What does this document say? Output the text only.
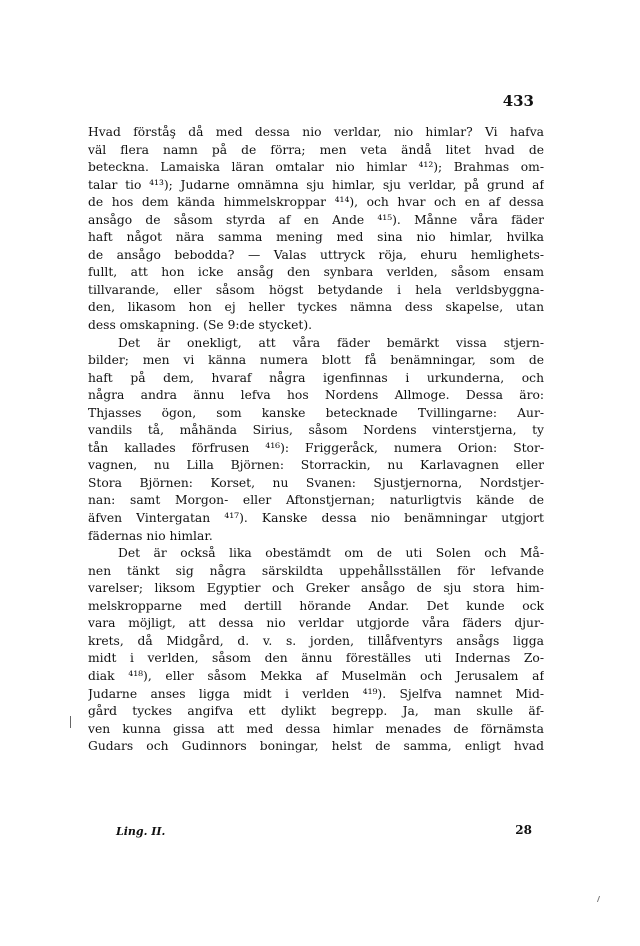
433
Hvad förståş då med dessa nio verldar, nio himlar? Vi hafva
väl flera namn på de förra; men veta ändå litet hvad de
beteckna. Lamaiska läran omtalar nio himlar ⁴¹²); Brahmas om-
talar tio ⁴¹³); Judarne omnämna sju himlar, sju verldar, på grund af
de hos dem kända himmelskroppar ⁴¹⁴), och hvar och en af dessa
ansågo de såsom styrda af en Ande ⁴¹⁵). Månne våra fäder
haft något nära samma mening med sina nio himlar, hvilka
de ansågo bebodda? — Valas uttryck röja, ehuru hemlighets-
fullt, att hon icke ansåg den synbara verlden, såsom ensam
tillvarande, eller såsom högst betydande i hela verldsbyggna-
den, likasom hon ej heller tyckes nämna dess skapelse, utan
dess omskapning. (Se 9:de stycket).
Det är onekligt, att våra fäder bemärkt vissa stjern-
bilder; men vi känna numera blott få benämningar, som de
haft på dem, hvaraf några igenfinnas i urkunderna, och
några andra ännu lefva hos Nordens Allmoge. Dessa äro:
Thjasses ögon, som kanske betecknade Tvillingarne: Aur-
vandils tå, måhända Sirius, såsom Nordens vinterstjerna, ty
tån kallades förfrusen ⁴¹⁶): Friggeråck, numera Orion: Stor-
vagnen, nu Lilla Björnen: Storrackin, nu Karlavagnen eller
Stora Björnen: Korset, nu Svanen: Sjustjernorna, Nordstjer-
nan: samt Morgon- eller Aftonstjernan; naturligtvis kände de
äfven Vintergatan ⁴¹⁷). Kanske dessa nio benämningar utgjort
fädernas nio himlar.
Det är också lika obestämdt om de uti Solen och Må-
nen tänkt sig några särskildta uppehållsställen för lefvande
varelser; liksom Egyptier och Greker ansågo de sju stora him-
melskropparne med dertill hörande Andar. Det kunde ock
vara möjligt, att dessa nio verldar utgjorde våra fäders djur-
krets, då Midgård, d. v. s. jorden, tillåfventyrs ansågs ligga
midt i verlden, såsom den ännu föreställes uti Indernas Zo-
diak ⁴¹⁸), eller såsom Mekka af Muselmän och Jerusalem af
Judarne anses ligga midt i verlden ⁴¹⁹). Sjelfva namnet Mid-
gård tyckes angifva ett dylikt begrepp. Ja, man skulle äf-
ven kunna gissa att med dessa himlar menades de förnämsta
Gudars och Gudinnors boningar, helst de samma, enligt hvad
Ling. II.	28
